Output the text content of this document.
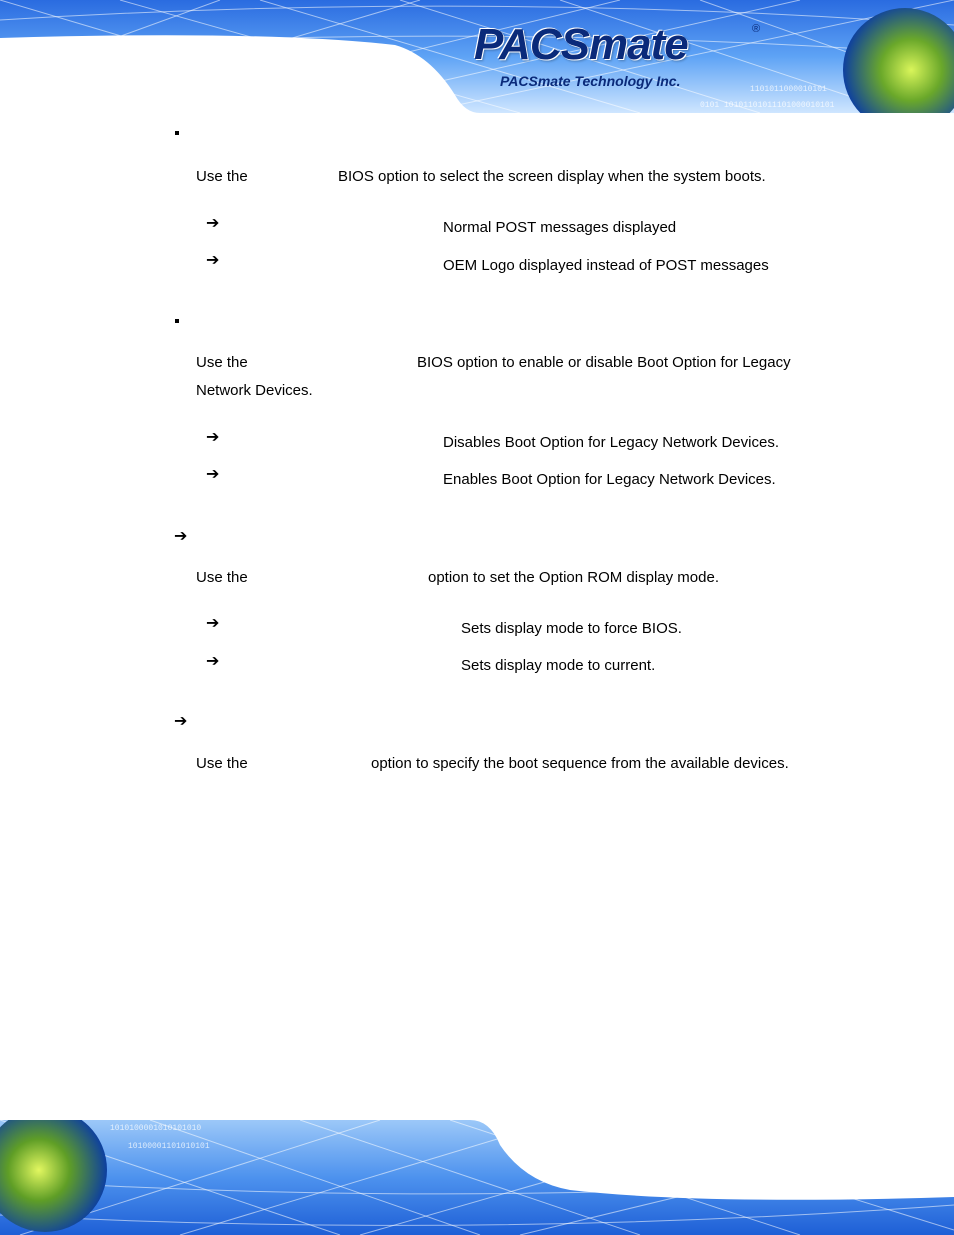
PACSmate	®
PACSmate Technology Inc.
1101011000010101
0101 10101101011101000010101
Use the	BIOS option to select the screen display when the system boots.
➔	Normal POST messages displayed
➔	OEM Logo displayed instead of POST messages
Use the	BIOS option to enable or disable Boot Option for Legacy
Network Devices.
➔	Disables Boot Option for Legacy Network Devices.
➔	Enables Boot Option for Legacy Network Devices.
➔
Use the	option to set the Option ROM display mode.
➔	Sets display mode to force BIOS.
➔	Sets display mode to current.
➔
Use the	option to specify the boot sequence from the available devices.
1010100001010101010
10100001101010101
